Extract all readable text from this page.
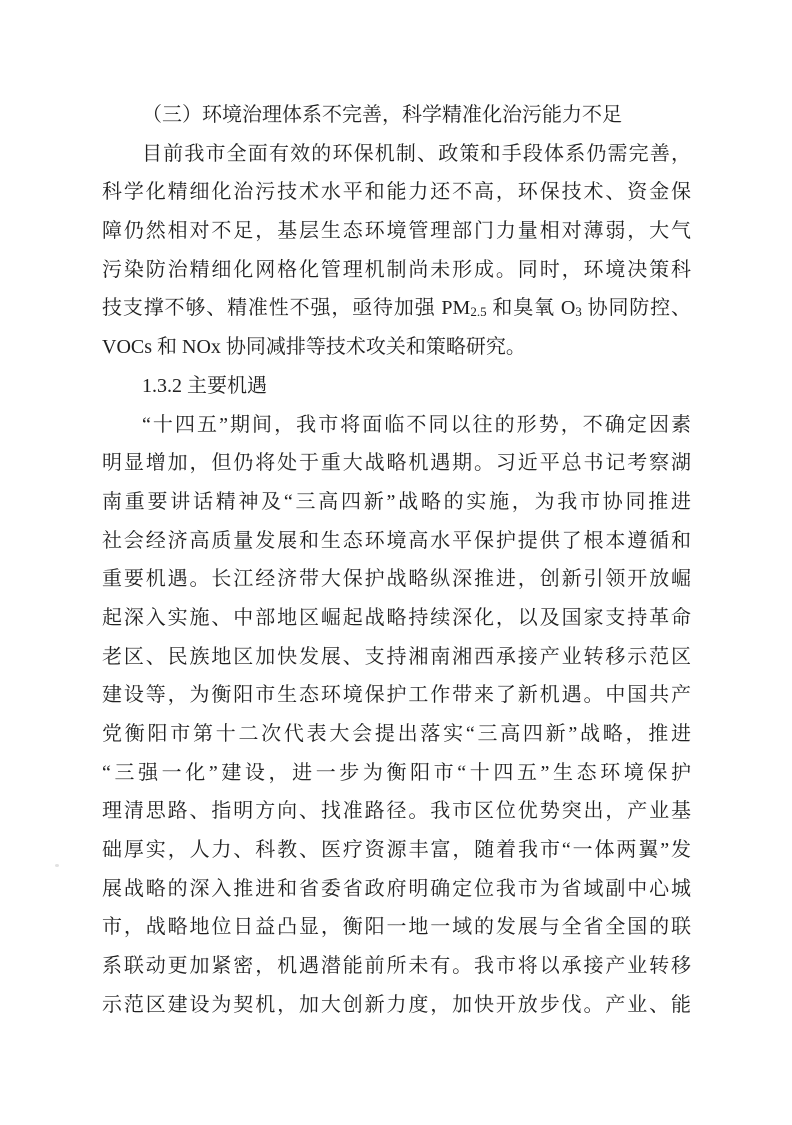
（三）环境治理体系不完善，科学精准化治污能力不足
目前我市全面有效的环保机制、政策和手段体系仍需完善，
科学化精细化治污技术水平和能力还不高，环保技术、资金保
障仍然相对不足，基层生态环境管理部门力量相对薄弱，大气
污染防治精细化网格化管理机制尚未形成。同时，环境决策科
技支撑不够、精准性不强，亟待加强 PM2.5 和臭氧 O3 协同防控、
VOCs 和 NOx 协同减排等技术攻关和策略研究。
1.3.2 主要机遇
“十四五”期间，我市将面临不同以往的形势，不确定因素
明显增加，但仍将处于重大战略机遇期。习近平总书记考察湖
南重要讲话精神及“三高四新”战略的实施，为我市协同推进
社会经济高质量发展和生态环境高水平保护提供了根本遵循和
重要机遇。长江经济带大保护战略纵深推进，创新引领开放崛
起深入实施、中部地区崛起战略持续深化，以及国家支持革命
老区、民族地区加快发展、支持湘南湘西承接产业转移示范区
建设等，为衡阳市生态环境保护工作带来了新机遇。中国共产
党衡阳市第十二次代表大会提出落实“三高四新”战略，推进
“三强一化”建设，进一步为衡阳市“十四五”生态环境保护
理清思路、指明方向、找准路径。我市区位优势突出，产业基
础厚实，人力、科教、医疗资源丰富，随着我市“一体两翼”发
展战略的深入推进和省委省政府明确定位我市为省域副中心城
市，战略地位日益凸显，衡阳一地一域的发展与全省全国的联
系联动更加紧密，机遇潜能前所未有。我市将以承接产业转移
示范区建设为契机，加大创新力度，加快开放步伐。产业、能
